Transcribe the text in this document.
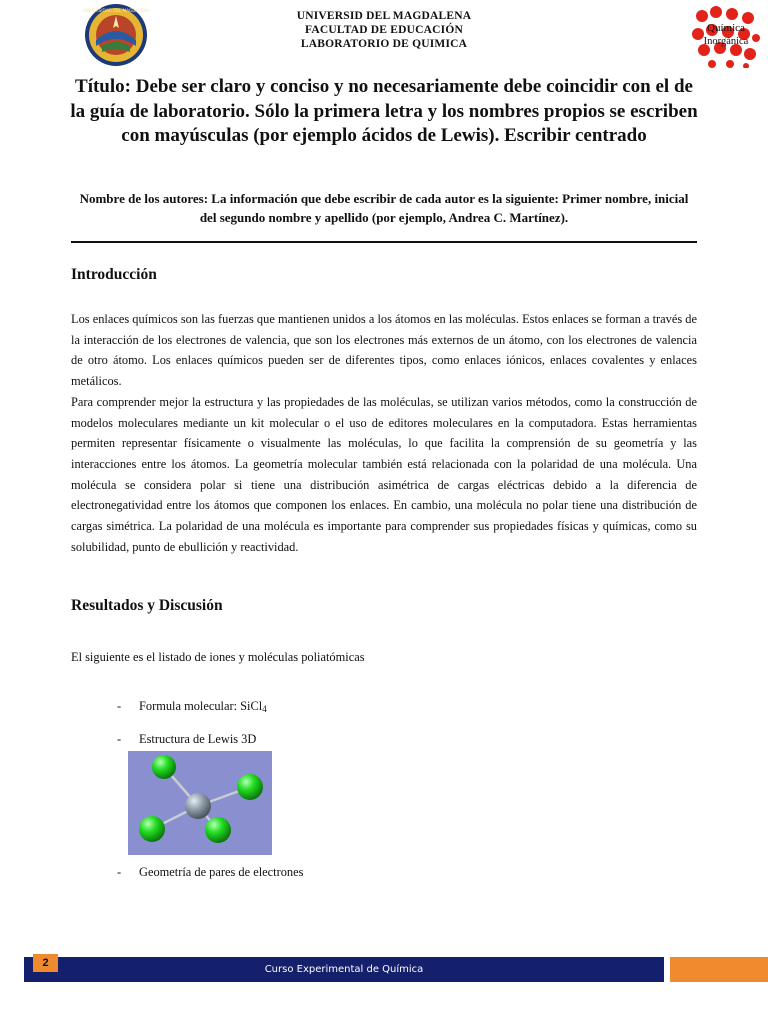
UNIVERSIDAD DEL MAGDALENA	UNIVERSID DEL MAGDALENA
FACULTAD DE EDUCACIÓN
LABORATORIO DE QUIMICA
Química
Inorgánica
Título: Debe ser claro y conciso y no necesariamente debe coincidir con el de la guía de laboratorio. Sólo la primera letra y los nombres propios se escriben con mayúsculas (por ejemplo ácidos de Lewis). Escribir centrado
Nombre de los autores: La información que debe escribir de cada autor es la siguiente: Primer nombre, inicial del segundo nombre y apellido (por ejemplo, Andrea C. Martínez).
Introducción

Los enlaces químicos son las fuerzas que mantienen unidos a los átomos en las moléculas. Estos enlaces se forman a través de la interacción de los electrones de valencia, que son los electrones más externos de un átomo, con los electrones de valencia de otro átomo. Los enlaces químicos pueden ser de diferentes tipos, como enlaces iónicos, enlaces covalentes y enlaces metálicos.

Para comprender mejor la estructura y las propiedades de las moléculas, se utilizan varios métodos, como la construcción de modelos moleculares mediante un kit molecular o el uso de editores moleculares en la computadora. Estas herramientas permiten representar físicamente o visualmente las moléculas, lo que facilita la comprensión de su geometría y las interacciones entre los átomos. La geometría molecular también está relacionada con la polaridad de una molécula. Una molécula se considera polar si tiene una distribución asimétrica de cargas eléctricas debido a la diferencia de electronegatividad entre los átomos que componen los enlaces. En cambio, una molécula no polar tiene una distribución de cargas simétrica. La polaridad de una molécula es importante para comprender sus propiedades físicas y químicas, como su solubilidad, punto de ebullición y reactividad.

Resultados y Discusión
El siguiente es el listado de iones y moléculas poliatómicas
- Formula molecular: SiCl$_4$
- Estructura de Lewis 3D
- Geometría de pares de electrones
2
Curso Experimental de Química
